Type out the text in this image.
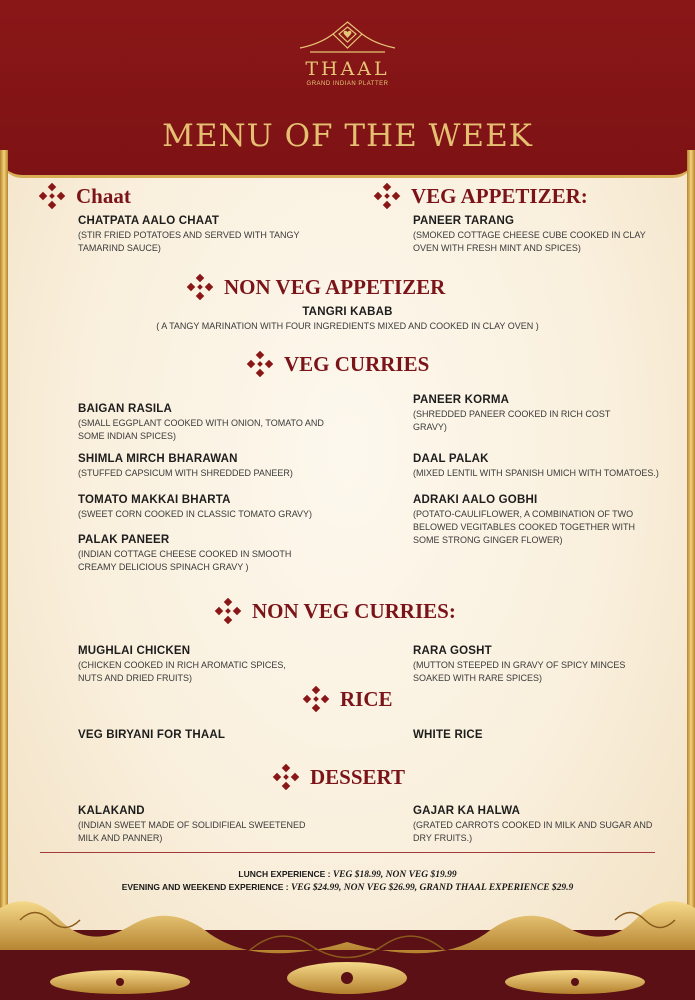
THAAL
GRAND INDIAN PLATTER
MENU OF THE WEEK
Chaat
CHATPATA AALO CHAAT
(STIR FRIED POTATOES AND SERVED WITH TANGY TAMARIND SAUCE)
VEG APPETIZER:
PANEER TARANG
(SMOKED COTTAGE CHEESE CUBE COOKED IN CLAY OVEN WITH FRESH MINT AND SPICES)
NON VEG APPETIZER
TANGRI KABAB
( A TANGY MARINATION WITH FOUR INGREDIENTS MIXED AND COOKED IN CLAY OVEN )
VEG CURRIES
BAIGAN RASILA
(SMALL EGGPLANT COOKED WITH ONION, TOMATO AND SOME INDIAN SPICES)
SHIMLA MIRCH BHARAWAN
(STUFFED CAPSICUM WITH SHREDDED PANEER)
TOMATO MAKKAI BHARTA
(SWEET CORN COOKED IN CLASSIC TOMATO GRAVY)
PALAK PANEER
(INDIAN COTTAGE CHEESE COOKED IN SMOOTH CREAMY DELICIOUS SPINACH GRAVY )
PANEER KORMA
(SHREDDED PANEER COOKED IN RICH COST GRAVY)
DAAL PALAK
(MIXED LENTIL WITH SPANISH UMICH WITH TOMATOES.)
ADRAKI AALO GOBHI
(POTATO-CAULIFLOWER, A COMBINATION OF TWO BELOWED VEGITABLES COOKED TOGETHER WITH SOME STRONG GINGER FLOWER)
NON VEG CURRIES:
MUGHLAI CHICKEN
(CHICKEN COOKED IN RICH AROMATIC SPICES, NUTS AND DRIED FRUITS)
RARA GOSHT
(MUTTON STEEPED IN GRAVY OF SPICY MINCES SOAKED WITH RARE SPICES)
RICE
VEG BIRYANI FOR THAAL	WHITE RICE
DESSERT
KALAKAND
(INDIAN SWEET MADE OF SOLIDIFIEAL SWEETENED MILK AND PANNER)
GAJAR KA HALWA
(GRATED CARROTS COOKED IN MILK AND SUGAR AND DRY FRUITS.)
LUNCH EXPERIENCE : VEG $18.99, NON VEG $19.99
EVENING AND WEEKEND EXPERIENCE : VEG $24.99, NON VEG $26.99, GRAND THAAL EXPERIENCE $29.9
